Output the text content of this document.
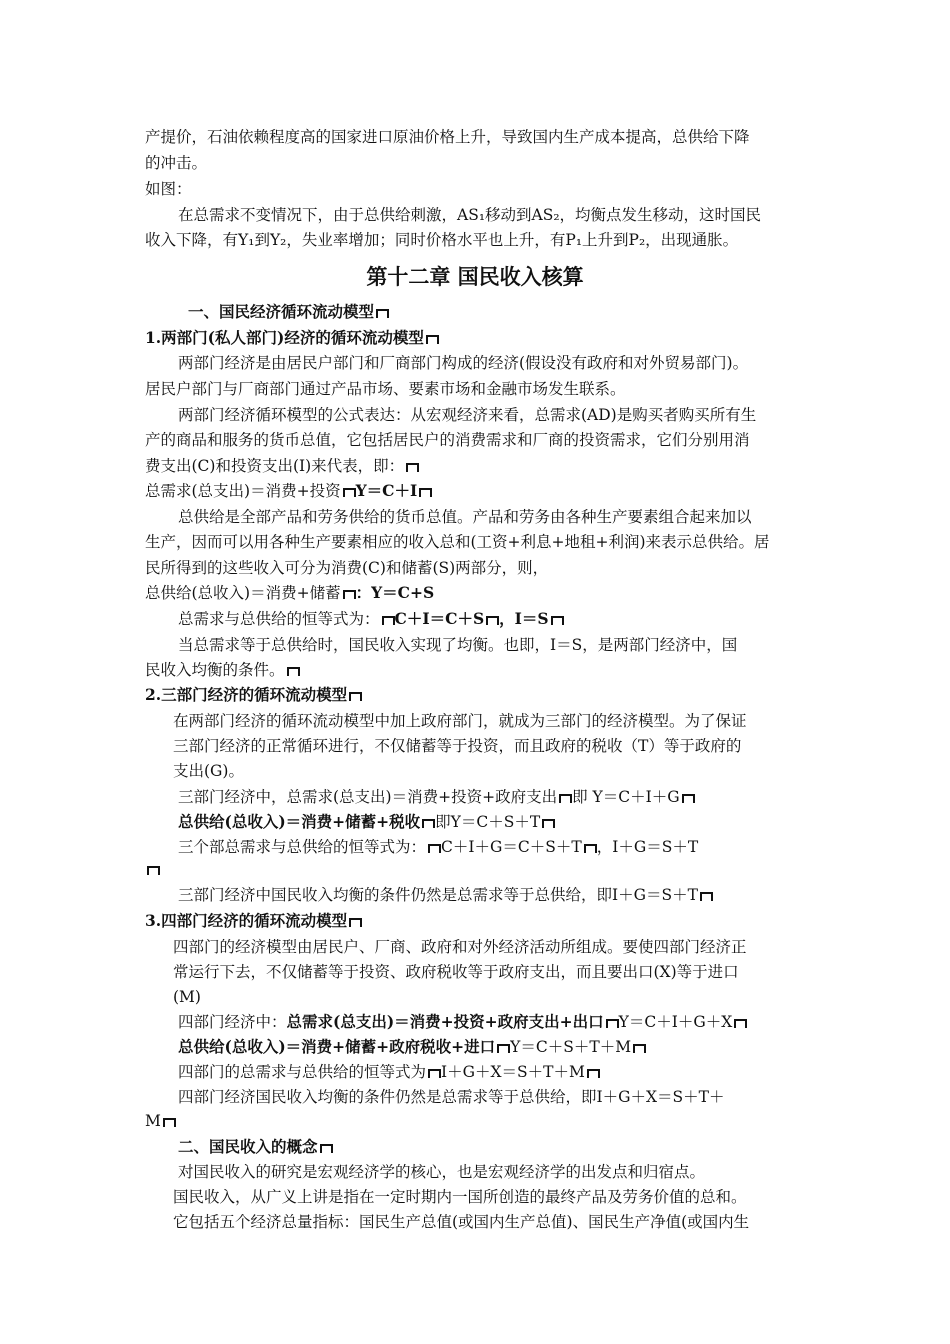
产提价，石油依赖程度高的国家进口原油价格上升，导致国内生产成本提高，总供给下降
的冲击。
如图：
在总需求不变情况下，由于总供给刺激，AS₁移动到AS₂，均衡点发生移动，这时国民
收入下降，有Y₁到Y₂，失业率增加；同时价格水平也上升，有P₁上升到P₂，出现通胀。
第十二章 国民收入核算
一、国民经济循环流动模型
1.两部门(私人部门)经济的循环流动模型
两部门经济是由居民户部门和厂商部门构成的经济(假设没有政府和对外贸易部门)。
居民户部门与厂商部门通过产品市场、要素市场和金融市场发生联系。
两部门经济循环模型的公式表达：从宏观经济来看，总需求(AD)是购买者购买所有生
产的商品和服务的货币总值，它包括居民户的消费需求和厂商的投资需求，它们分别用消
费支出(C)和投资支出(I)来代表，即：
总需求(总支出)＝消费+投资 Y＝C＋I
总供给是全部产品和劳务供给的货币总值。产品和劳务由各种生产要素组合起来加以
生产，因而可以用各种生产要素相应的收入总和(工资+利息+地租+利润)来表示总供给。居
民所得到的这些收入可分为消费(C)和储蓄(S)两部分，则，
总供给(总收入)＝消费+储蓄 ：Y＝C+S
总需求与总供给的恒等式为： C＋I＝C＋S ，I＝S
当总需求等于总供给时，国民收入实现了均衡。也即，I＝S，是两部门经济中，国
民收入均衡的条件。
2.三部门经济的循环流动模型
在两部门经济的循环流动模型中加上政府部门，就成为三部门的经济模型。为了保证
三部门经济的正常循环进行，不仅储蓄等于投资，而且政府的税收（T）等于政府的
支出(G)。
三部门经济中，总需求(总支出)＝消费+投资+政府支出 即 Y＝C＋I＋G
总供给(总收入)＝消费+储蓄+税收 即Y＝C＋S＋T
三个部总需求与总供给的恒等式为： C＋I＋G＝C＋S＋T ，I＋G＝S＋T
三部门经济中国民收入均衡的条件仍然是总需求等于总供给，即I＋G＝S＋T
3.四部门经济的循环流动模型
四部门的经济模型由居民户、厂商、政府和对外经济活动所组成。要使四部门经济正
常运行下去，不仅储蓄等于投资、政府税收等于政府支出，而且要出口(X)等于进口
(M)
四部门经济中：总需求(总支出)＝消费+投资+政府支出+出口 Y＝C＋I＋G＋X
总供给(总收入)＝消费+储蓄+政府税收+进口 Y＝C＋S＋T＋M
四部门的总需求与总供给的恒等式为 I＋G＋X＝S＋T＋M
四部门经济国民收入均衡的条件仍然是总需求等于总供给，即I＋G＋X＝S＋T＋
M
二、国民收入的概念
对国民收入的研究是宏观经济学的核心，也是宏观经济学的出发点和归宿点。
国民收入，从广义上讲是指在一定时期内一国所创造的最终产品及劳务价值的总和。
它包括五个经济总量指标：国民生产总值(或国内生产总值)、国民生产净值(或国内生
